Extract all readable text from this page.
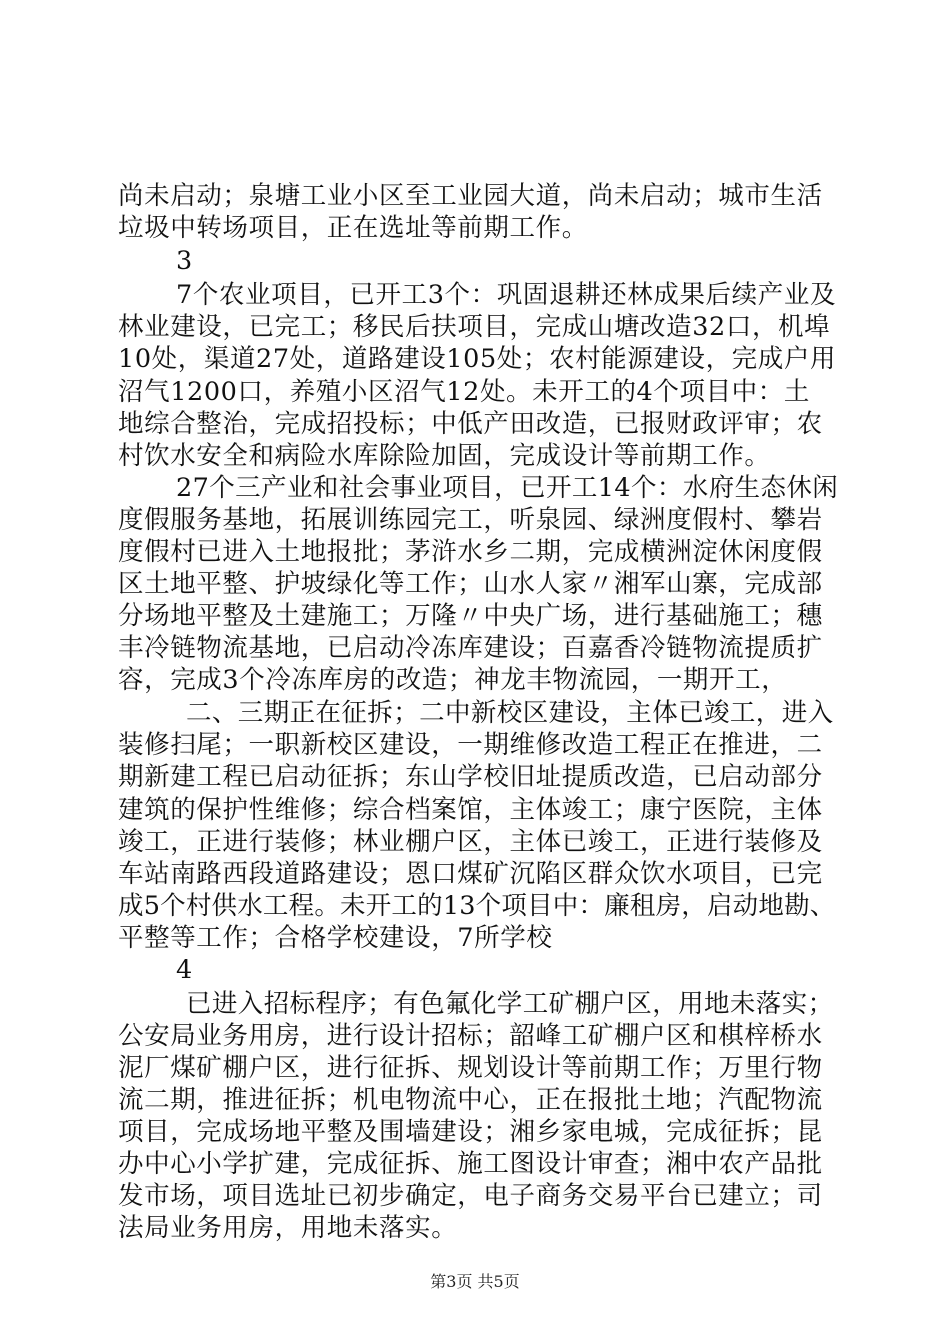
尚未启动；泉塘工业小区至工业园大道，尚未启动；城市生活
垃圾中转场项目，正在选址等前期工作。
3
7个农业项目，已开工3个：巩固退耕还林成果后续产业及
林业建设，已完工；移民后扶项目，完成山塘改造32口，机埠
10处，渠道27处，道路建设105处；农村能源建设，完成户用
沼气1200口，养殖小区沼气12处。未开工的4个项目中：土
地综合整治，完成招投标；中低产田改造，已报财政评审；农
村饮水安全和病险水库除险加固，完成设计等前期工作。
27个三产业和社会事业项目，已开工14个：水府生态休闲
度假服务基地，拓展训练园完工，听泉园、绿洲度假村、攀岩
度假村已进入土地报批；茅浒水乡二期，完成横洲淀休闲度假
区土地平整、护坡绿化等工作；山水人家〃湘军山寨，完成部
分场地平整及土建施工；万隆〃中央广场，进行基础施工；穗
丰冷链物流基地，已启动冷冻库建设；百嘉香冷链物流提质扩
容，完成3个冷冻库房的改造；神龙丰物流园，一期开工，
二、三期正在征拆；二中新校区建设，主体已竣工，进入
装修扫尾；一职新校区建设，一期维修改造工程正在推进，二
期新建工程已启动征拆；东山学校旧址提质改造，已启动部分
建筑的保护性维修；综合档案馆，主体竣工；康宁医院，主体
竣工，正进行装修；林业棚户区，主体已竣工，正进行装修及
车站南路西段道路建设；恩口煤矿沉陷区群众饮水项目，已完
成5个村供水工程。未开工的13个项目中：廉租房，启动地勘、
平整等工作；合格学校建设，7所学校
4
已进入招标程序；有色氟化学工矿棚户区，用地未落实；
公安局业务用房，进行设计招标；韶峰工矿棚户区和棋梓桥水
泥厂煤矿棚户区，进行征拆、规划设计等前期工作；万里行物
流二期，推进征拆；机电物流中心，正在报批土地；汽配物流
项目，完成场地平整及围墙建设；湘乡家电城，完成征拆；昆
办中心小学扩建，完成征拆、施工图设计审查；湘中农产品批
发市场，项目选址已初步确定，电子商务交易平台已建立；司
法局业务用房，用地未落实。
第3页 共5页
